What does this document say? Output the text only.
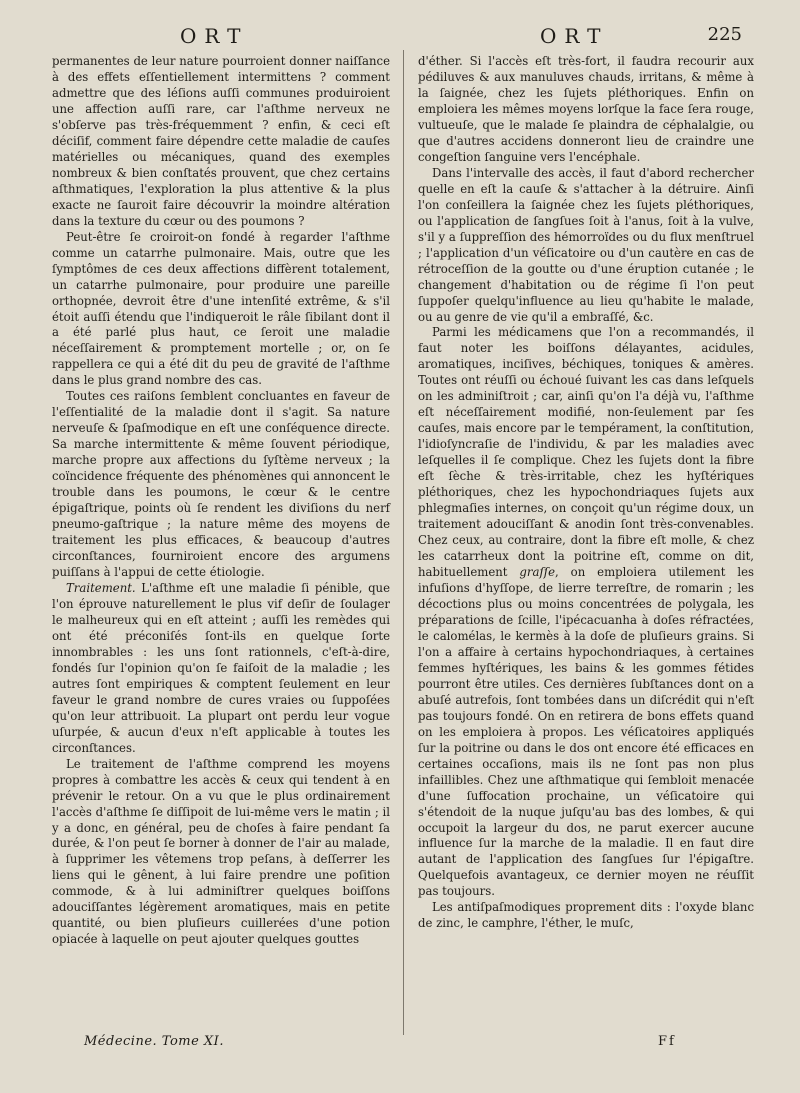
ORT	ORT	225

permanentes de leur nature pourroient donner naiſſance à des effets eſſentiellement intermittens ? comment admettre que des léſions auſſi communes produiroient une affection auſſi rare, car l'aſthme nerveux ne s'obſerve pas très-fréquemment ? enfin, & ceci eſt déciſif, comment faire dépendre cette maladie de cauſes matérielles ou mécaniques, quand des exemples nombreux & bien conſtatés prouvent, que chez certains aſthmatiques, l'exploration la plus attentive & la plus exacte ne ſauroit faire découvrir la moindre altération dans la texture du cœur ou des poumons ?

Peut-être ſe croiroit-on fondé à regarder l'aſthme comme un catarrhe pulmonaire. Mais, outre que les ſymptômes de ces deux affections diffèrent totalement, un catarrhe pulmonaire, pour produire une pareille orthopnée, devroit être d'une intenſité extrême, & s'il étoit auſſi étendu que l'indiqueroit le râle ſibilant dont il a été parlé plus haut, ce ſeroit une maladie néceſſairement & promptement mortelle ; or, on ſe rappellera ce qui a été dit du peu de gravité de l'aſthme dans le plus grand nombre des cas.

Toutes ces raiſons ſemblent concluantes en faveur de l'eſſentialité de la maladie dont il s'agit. Sa nature nerveuſe & ſpaſmodique en eſt une conſéquence directe. Sa marche intermittente & même ſouvent périodique, marche propre aux affections du ſyſtème nerveux ; la coïncidence fréquente des phénomènes qui annoncent le trouble dans les poumons, le cœur & le centre épigaſtrique, points où ſe rendent les diviſions du nerf pneumo-gaſtrique ; la nature même des moyens de traitement les plus efficaces, & beaucoup d'autres circonſtances, fourniroient encore des argumens puiſſans à l'appui de cette étiologie.

Traitement. L'aſthme eſt une maladie ſi pénible, que l'on éprouve naturellement le plus vif deſir de ſoulager le malheureux qui en eſt atteint ; auſſi les remèdes qui ont été préconiſés ſont-ils en quelque ſorte innombrables : les uns ſont rationnels, c'eſt-à-dire, fondés ſur l'opinion qu'on ſe faiſoit de la maladie ; les autres ſont empiriques & comptent ſeulement en leur faveur le grand nombre de cures vraies ou ſuppoſées qu'on leur attribuoit. La plupart ont perdu leur vogue uſurpée, & aucun d'eux n'eſt applicable à toutes les circonſtances.

Le traitement de l'aſthme comprend les moyens propres à combattre les accès & ceux qui tendent à en prévenir le retour. On a vu que le plus ordinairement l'accès d'aſthme ſe diſſipoit de lui-même vers le matin ; il y a donc, en général, peu de choſes à faire pendant ſa durée, & l'on peut ſe borner à donner de l'air au malade, à ſupprimer les vêtemens trop peſans, à deſſerrer les liens qui le gênent, à lui faire prendre une poſition commode, & à lui adminiſtrer quelques boiſſons adouciſſantes légèrement aromatiques, mais en petite quantité, ou bien pluſieurs cuillerées d'une potion opiacée à laquelle on peut ajouter quelques gouttes

d'éther. Si l'accès eſt très-fort, il faudra recourir aux pédiluves & aux manuluves chauds, irritans, & même à la ſaignée, chez les ſujets pléthoriques. Enfin on emploiera les mêmes moyens lorſque la face ſera rouge, vultueuſe, que le malade ſe plaindra de céphalalgie, ou que d'autres accidens donneront lieu de craindre une congeſtion ſanguine vers l'encéphale.

Dans l'intervalle des accès, il faut d'abord rechercher quelle en eſt la cauſe & s'attacher à la détruire. Ainſi l'on conſeillera la ſaignée chez les ſujets pléthoriques, ou l'application de ſangſues ſoit à l'anus, ſoit à la vulve, s'il y a ſuppreſſion des hémorroïdes ou du flux menſtruel ; l'application d'un véſicatoire ou d'un cautère en cas de rétroceſſion de la goutte ou d'une éruption cutanée ; le changement d'habitation ou de régime ſi l'on peut ſuppoſer quelqu'influence au lieu qu'habite le malade, ou au genre de vie qu'il a embraſſé, &c.

Parmi les médicamens que l'on a recommandés, il faut noter les boiſſons délayantes, acidules, aromatiques, inciſives, béchiques, toniques & amères. Toutes ont réuſſi ou échoué ſuivant les cas dans leſquels on les adminiſtroit ; car, ainſi qu'on l'a déjà vu, l'aſthme eſt néceſſairement modifié, non-ſeulement par ſes cauſes, mais encore par le tempérament, la conſtitution, l'idioſyncraſie de l'individu, & par les maladies avec leſquelles il ſe complique. Chez les ſujets dont la fibre eſt ſèche & très-irritable, chez les hyſtériques pléthoriques, chez les hypochondriaques ſujets aux phlegmaſies internes, on conçoit qu'un régime doux, un traitement adouciſſant & anodin ſont très-convenables. Chez ceux, au contraire, dont la fibre eſt molle, & chez les catarrheux dont la poitrine eſt, comme on dit, habituellement graſſe, on emploiera utilement les infuſions d'hyſſope, de lierre terreſtre, de romarin ; les décoctions plus ou moins concentrées de polygala, les préparations de ſcille, l'ipécacuanha à doſes réfractées, le calomélas, le kermès à la doſe de pluſieurs grains. Si l'on a affaire à certains hypochondriaques, à certaines femmes hyſtériques, les bains & les gommes fétides pourront être utiles. Ces dernières ſubſtances dont on a abuſé autrefois, ſont tombées dans un diſcrédit qui n'eſt pas toujours fondé. On en retirera de bons effets quand on les emploiera à propos. Les véſicatoires appliqués ſur la poitrine ou dans le dos ont encore été efficaces en certaines occaſions, mais ils ne ſont pas non plus infaillibles. Chez une aſthmatique qui ſembloit menacée d'une ſuffocation prochaine, un véſicatoire qui s'étendoit de la nuque juſqu'au bas des lombes, & qui occupoit la largeur du dos, ne parut exercer aucune influence ſur la marche de la maladie. Il en faut dire autant de l'application des ſangſues ſur l'épigaſtre. Quelquefois avantageux, ce dernier moyen ne réuſſit pas toujours.

Les antiſpaſmodiques proprement dits : l'oxyde blanc de zinc, le camphre, l'éther, le muſc,

Médecine. Tome XI.	Ff
